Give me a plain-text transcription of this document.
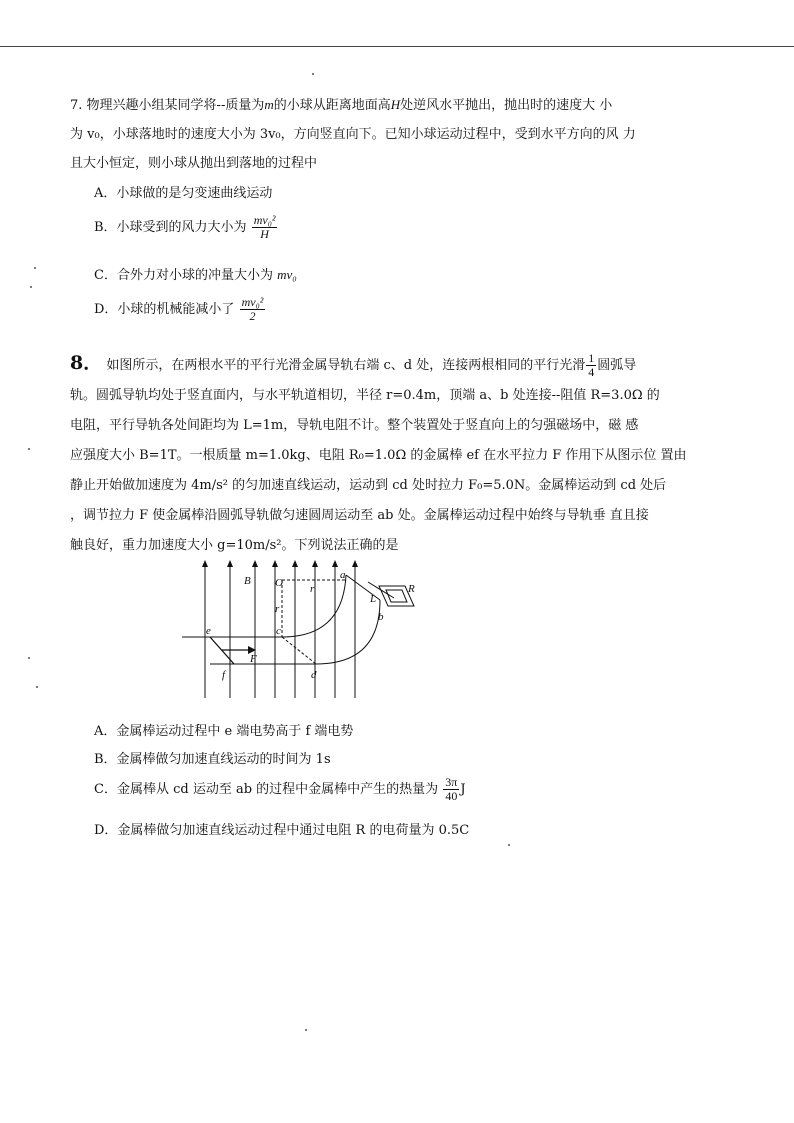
7. 物理兴趣小组某同学将--质量为m的小球从距离地面高H处逆风水平抛出，抛出时的速度大 小
为 v₀，小球落地时的速度大小为 3v₀，方向竖直向下。已知小球运动过程中，受到水平方向的风 力
且大小恒定，则小球从抛出到落地的过程中
A．小球做的是匀变速曲线运动
B．小球受到的风力大小为 $\frac{\text{mv₀²}}{H}$
C．合外力对小球的冲量大小为 mv₀
D．小球的机械能减小了 $\frac{\text{mv₀²}}{2}$
8． 如图所示，在两根水平的平行光滑金属导轨右端 c、d 处，连接两根相同的平行光滑 $\frac{1}{4}$ 圆弧导
轨。圆弧导轨均处于竖直面内，与水平轨道相切，半径 r=0.4m，顶端 a、b 处连接--阻值 R=3.0Ω 的
电阻，平行导轨各处间距均为 L=1m，导轨电阻不计。整个装置处于竖直向上的匀强磁场中，磁 感
应强度大小 B=1T。一根质量 m=1.0kg、电阻 R₀=1.0Ω 的金属棒 ef 在水平拉力 F 作用下从图示位 置由
静止开始做加速度为 4m/s² 的匀加速直线运动，运动到 cd 处时拉力 F₀=5.0N。金属棒运动到 cd 处后
，调节拉力 F 使金属棒沿圆弧导轨做匀速圆周运动至 ab 处。金属棒运动过程中始终与导轨垂 直且接
触良好，重力加速度大小 g=10m/s²。下列说法正确的是
B O
a
r
r
L
R
b
c
e
F
f	d
A．金属棒运动过程中 e 端电势高于 f 端电势
B．金属棒做匀加速直线运动的时间为 1s
C．金属棒从 cd 运动至 ab 的过程中金属棒中产生的热量为 $\frac{3\pi}{40}$ J
D．金属棒做匀加速直线运动过程中通过电阻 R 的电荷量为 0.5C
